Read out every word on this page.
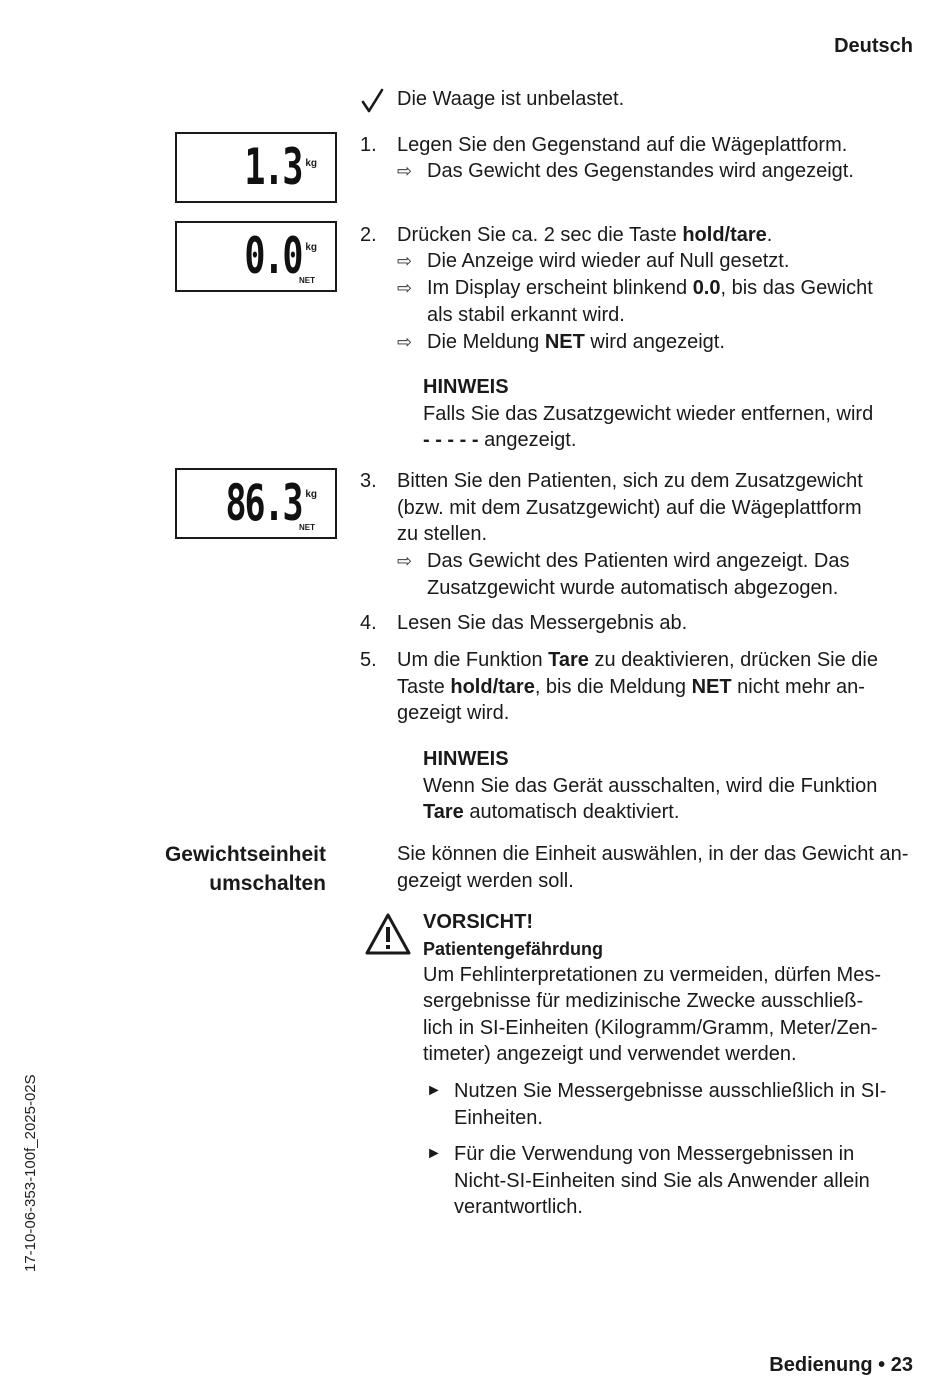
Deutsch
Bedienung • 23
17-10-06-353-100f_2025-02S
1.3 kg
0.0 kg
NET
86.3 kg
NET
Die Waage ist unbelastet.
1. Legen Sie den Gegenstand auf die Wägeplattform.
⇨ Das Gewicht des Gegenstandes wird angezeigt.
2. Drücken Sie ca. 2 sec die Taste hold/tare.
⇨ Die Anzeige wird wieder auf Null gesetzt.
⇨ Im Display erscheint blinkend 0.0, bis das Gewicht
als stabil erkannt wird.
⇨ Die Meldung NET wird angezeigt.
HINWEIS
Falls Sie das Zusatzgewicht wieder entfernen, wird
- - - - - angezeigt.
3. Bitten Sie den Patienten, sich zu dem Zusatzgewicht
(bzw. mit dem Zusatzgewicht) auf die Wägeplattform
zu stellen.
⇨ Das Gewicht des Patienten wird angezeigt. Das
Zusatzgewicht wurde automatisch abgezogen.
4. Lesen Sie das Messergebnis ab.
5. Um die Funktion Tare zu deaktivieren, drücken Sie die
Taste hold/tare, bis die Meldung NET nicht mehr an-
gezeigt wird.
HINWEIS
Wenn Sie das Gerät ausschalten, wird die Funktion
Tare automatisch deaktiviert.
Gewichtseinheit
umschalten
Sie können die Einheit auswählen, in der das Gewicht an-
gezeigt werden soll.
VORSICHT!
Patientengefährdung
Um Fehlinterpretationen zu vermeiden, dürfen Mes-
sergebnisse für medizinische Zwecke ausschließ-
lich in SI-Einheiten (Kilogramm/Gramm, Meter/Zen-
timeter) angezeigt und verwendet werden.
► Nutzen Sie Messergebnisse ausschließlich in SI-
Einheiten.
► Für die Verwendung von Messergebnissen in
Nicht-SI-Einheiten sind Sie als Anwender allein
verantwortlich.
